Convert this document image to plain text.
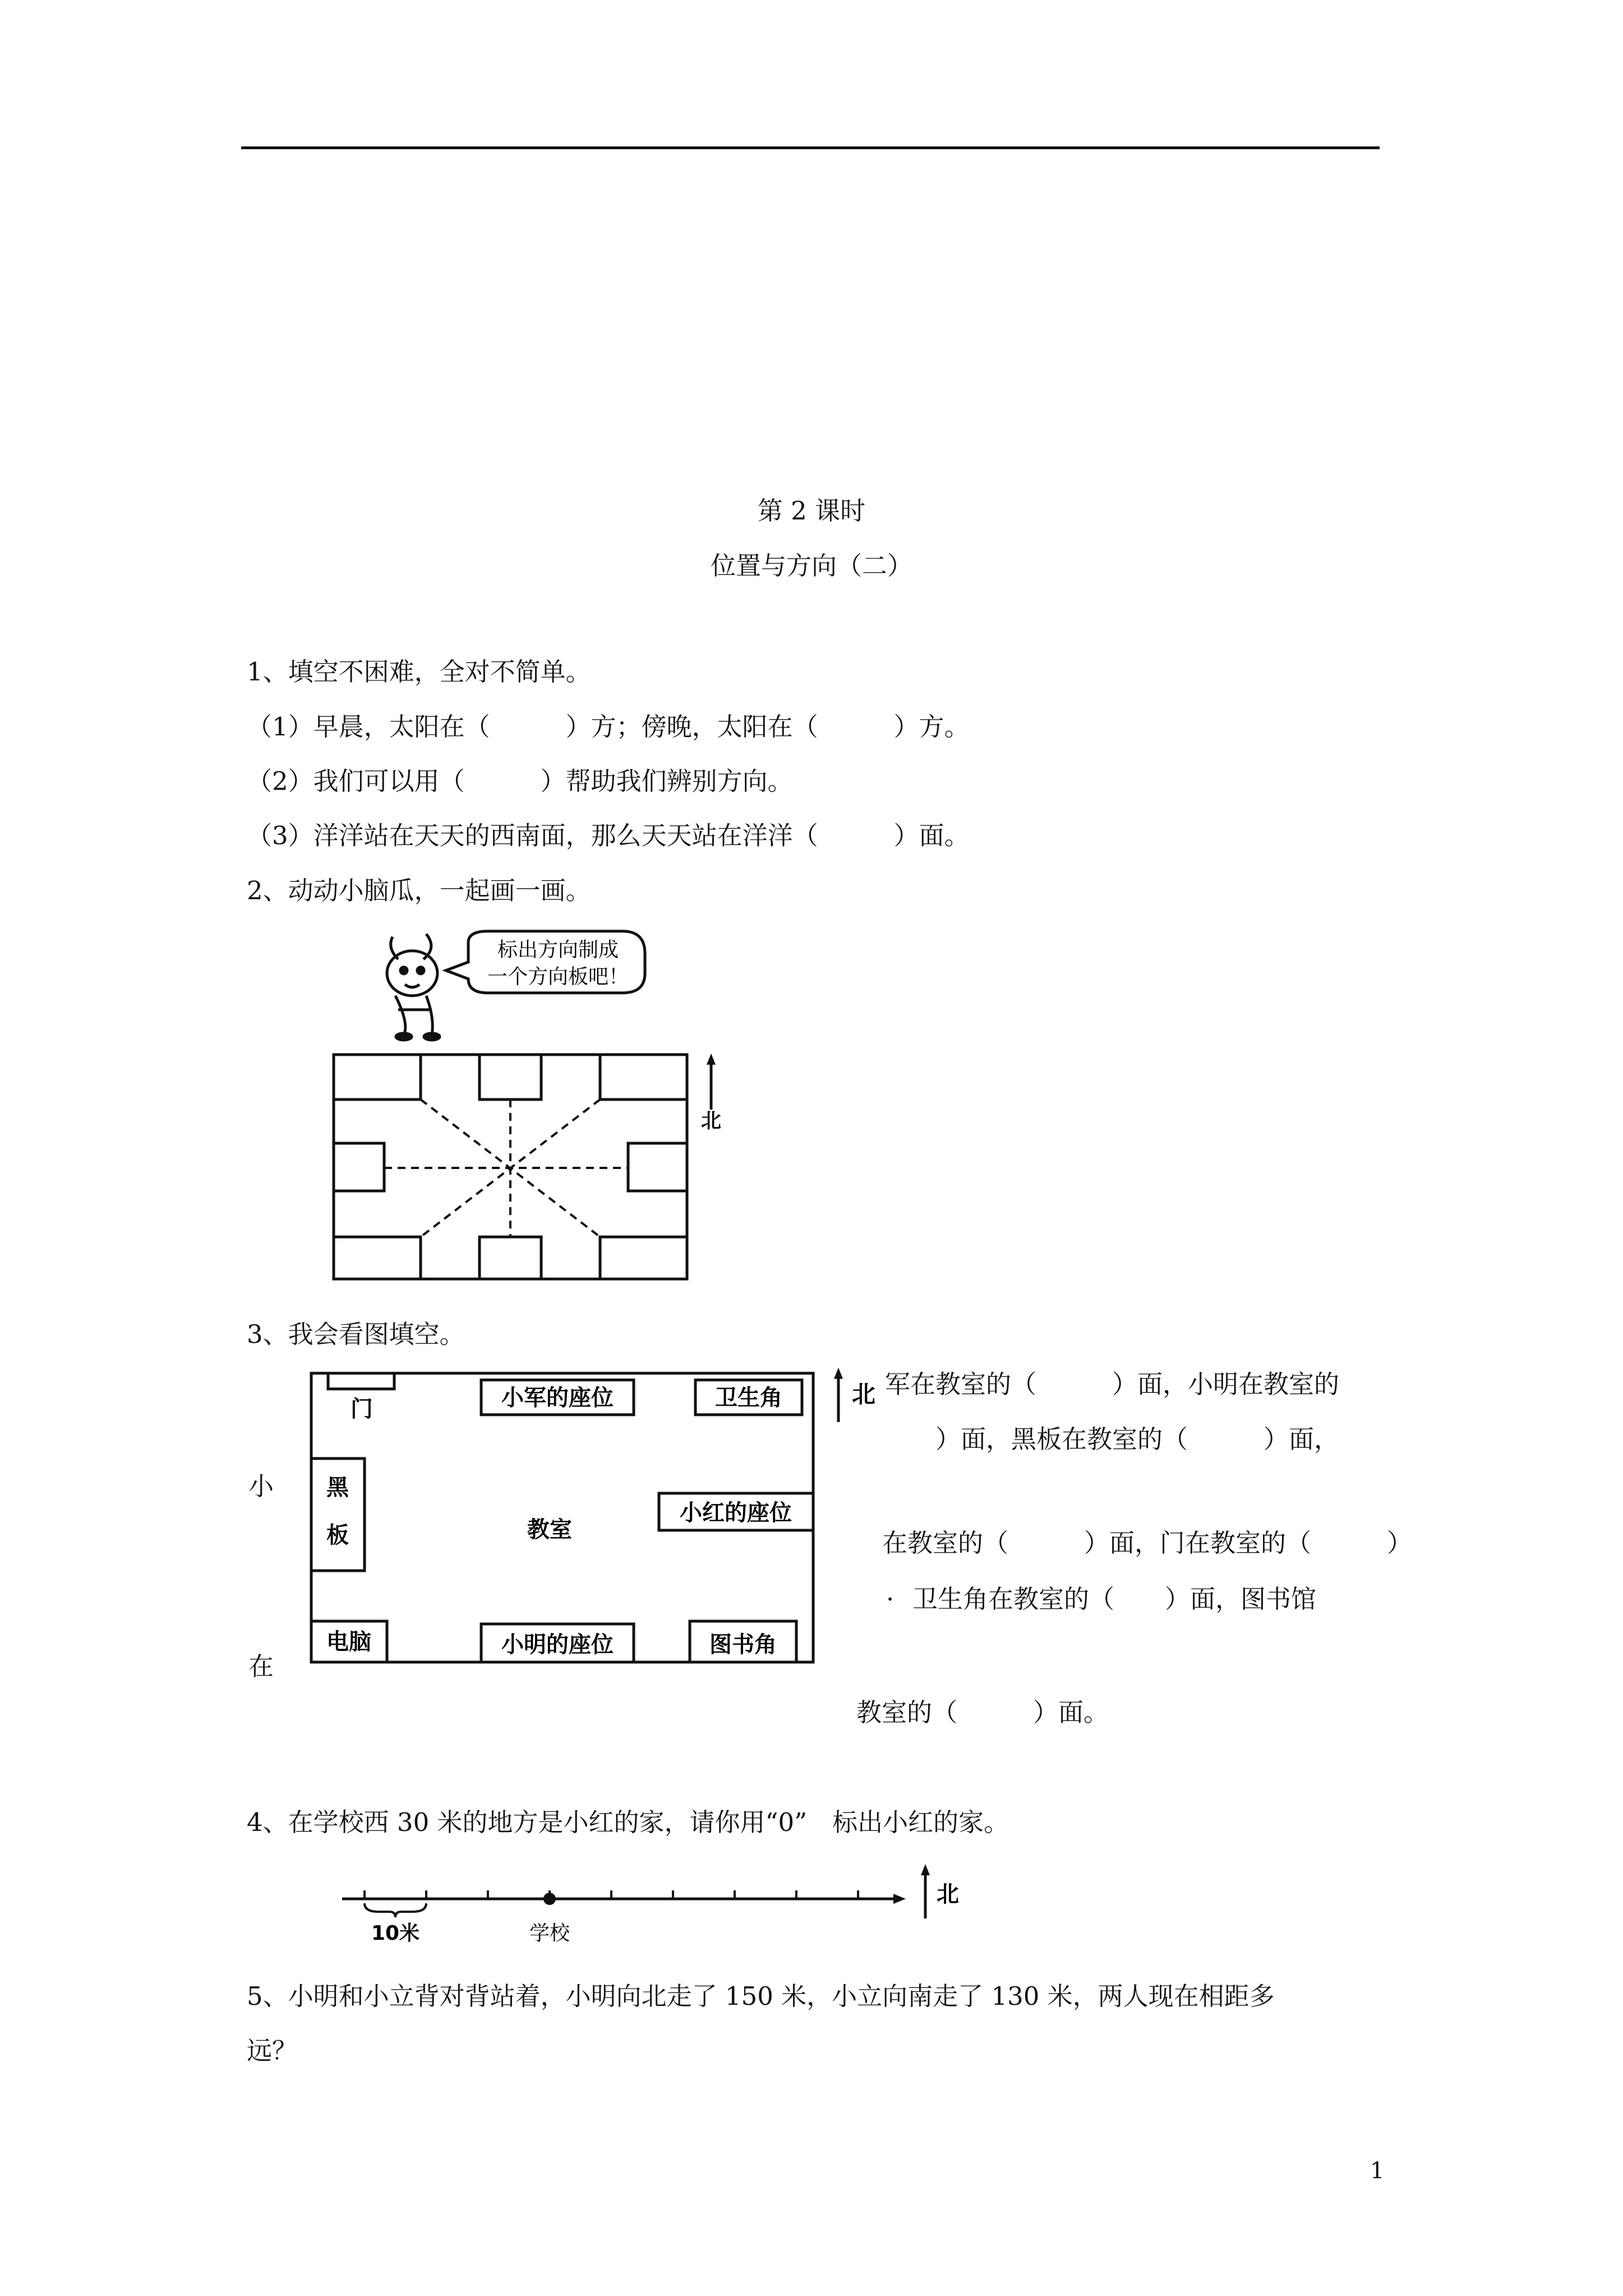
第 2 课时
位置与方向（二）
1、填空不困难，全对不简单。
（1）早晨，太阳在（　　　）方；傍晚，太阳在（　　　）方。
（2）我们可以用（　　　）帮助我们辨别方向。
（3）洋洋站在天天的西南面，那么天天站在洋洋（　　　）面。
2、动动小脑瓜，一起画一画。
标出方向制成
一个方向板吧！
北
3、我会看图填空。
门
黑
板
小军的座位	卫生角
教室
小红的座位
电脑	小明的座位	图书角
小
在
北 军在教室的（　　　）面，小明在教室的
）面，黑板在教室的（　　　）面，
在教室的（　　　）面，门在教室的（　　　）
· 卫生角在教室的（　　）面，图书馆
教室的（　　　）面。
4、在学校西 30 米的地方是小红的家，请你用“0”　标出小红的家。
10米	学校
北
5、小明和小立背对背站着，小明向北走了 150 米，小立向南走了 130 米，两人现在相距多
远？
1
